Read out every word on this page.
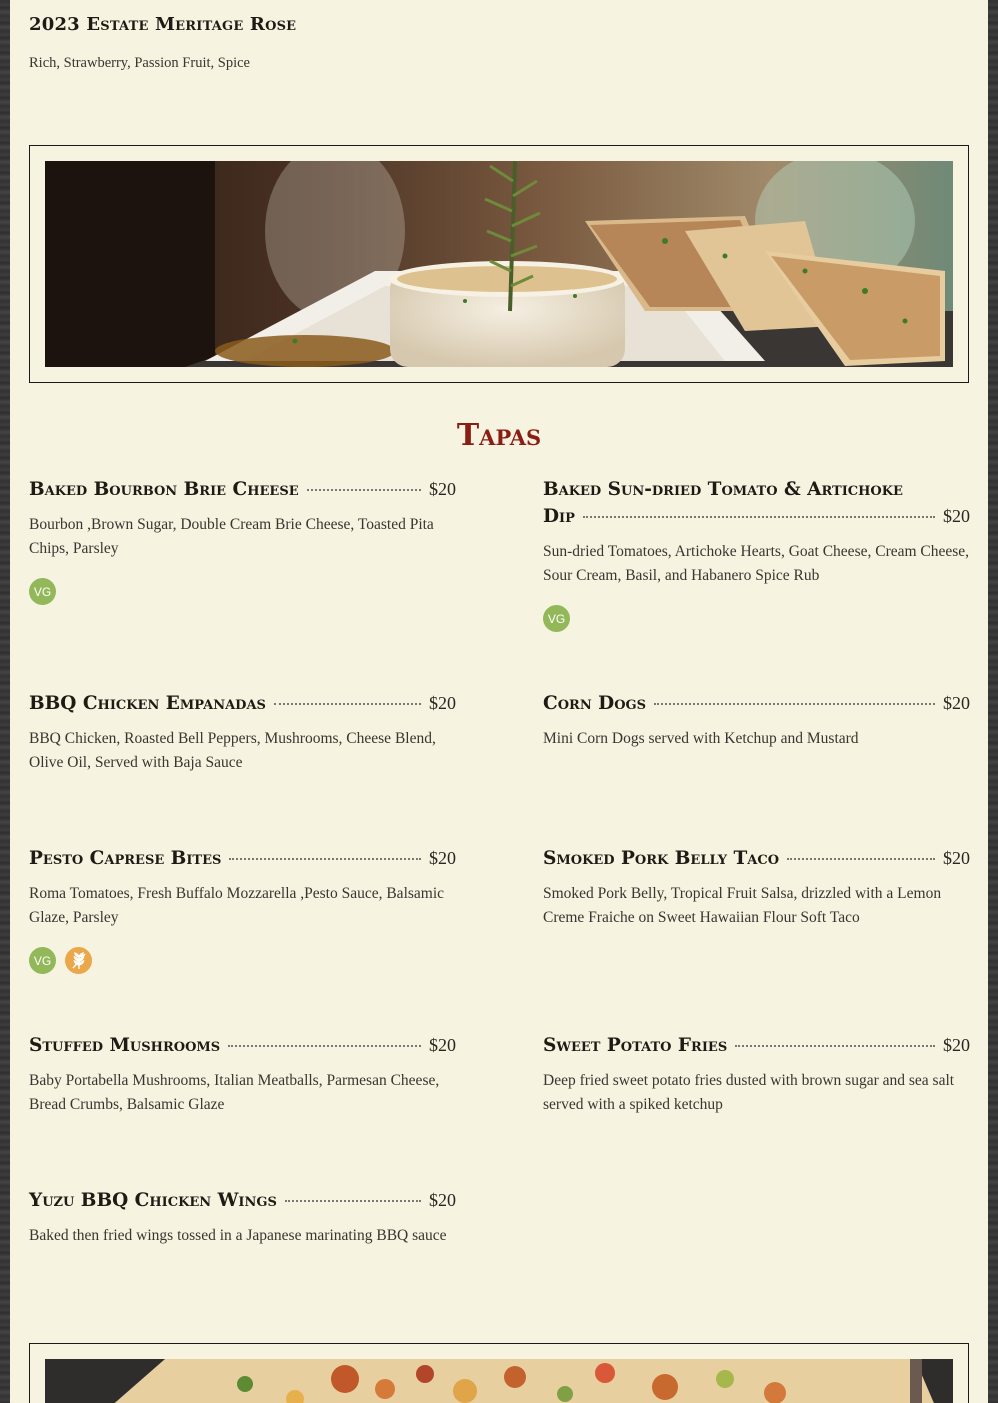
2023 Estate Meritage Rose
Rich, Strawberry, Passion Fruit, Spice
Tapas
Baked Bourbon Brie Cheese	$20
Bourbon ,Brown Sugar, Double Cream Brie Cheese, Toasted Pita Chips, Parsley
VG
Baked Sun-dried Tomato & Artichoke
Dip	$20
Sun-dried Tomatoes, Artichoke Hearts, Goat Cheese, Cream Cheese, Sour Cream, Basil, and Habanero Spice Rub
VG
BBQ Chicken Empanadas	$20
BBQ Chicken, Roasted Bell Peppers, Mushrooms, Cheese Blend, Olive Oil, Served with Baja Sauce
Corn Dogs	$20
Mini Corn Dogs served with Ketchup and Mustard
Pesto Caprese Bites	$20
Roma Tomatoes, Fresh Buffalo Mozzarella ,Pesto Sauce, Balsamic Glaze, Parsley
VG
Smoked Pork Belly Taco	$20
Smoked Pork Belly, Tropical Fruit Salsa, drizzled with a Lemon Creme Fraiche on Sweet Hawaiian Flour Soft Taco
Stuffed Mushrooms	$20
Baby Portabella Mushrooms, Italian Meatballs, Parmesan Cheese, Bread Crumbs, Balsamic Glaze
Sweet Potato Fries	$20
Deep fried sweet potato fries dusted with brown sugar and sea salt served with a spiked ketchup
Yuzu BBQ Chicken Wings	$20
Baked then fried wings tossed in a Japanese marinating BBQ sauce
